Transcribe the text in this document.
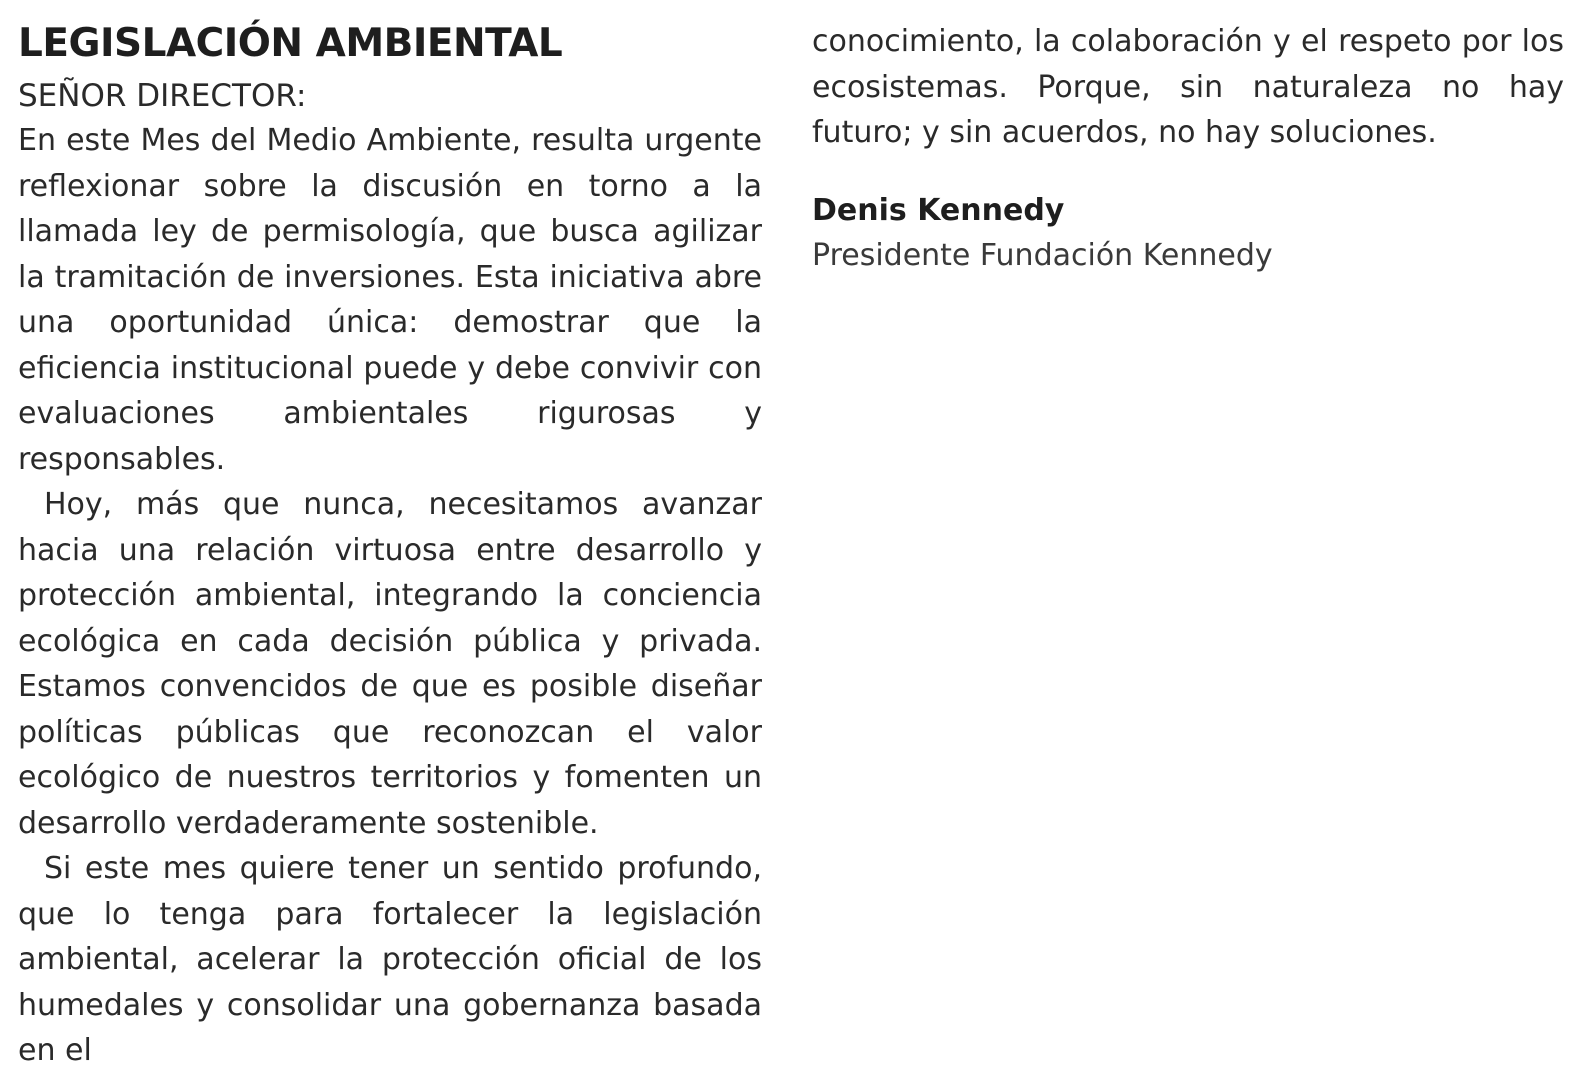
LEGISLACIÓN AMBIENTAL

SEÑOR DIRECTOR:

En este Mes del Medio Ambiente, resulta urgente reflexionar sobre la discusión en torno a la llamada ley de permisología, que busca agilizar la tramitación de inversiones. Esta iniciativa abre una oportunidad única: demostrar que la eficiencia institucional puede y debe convivir con evaluaciones ambientales rigurosas y responsables.

Hoy, más que nunca, necesitamos avanzar hacia una relación virtuosa entre desarrollo y protección ambiental, integrando la conciencia ecológica en cada decisión pública y privada. Estamos convencidos de que es posible diseñar políticas públicas que reconozcan el valor ecológico de nuestros territorios y fomenten un desarrollo verdaderamente sostenible.

Si este mes quiere tener un sentido profundo, que lo tenga para fortalecer la legislación ambiental, acelerar la protección oficial de los humedales y consolidar una gobernanza basada en el

conocimiento, la colaboración y el respeto por los ecosistemas. Porque, sin naturaleza no hay futuro; y sin acuerdos, no hay soluciones.

Denis Kennedy

Presidente Fundación Kennedy
